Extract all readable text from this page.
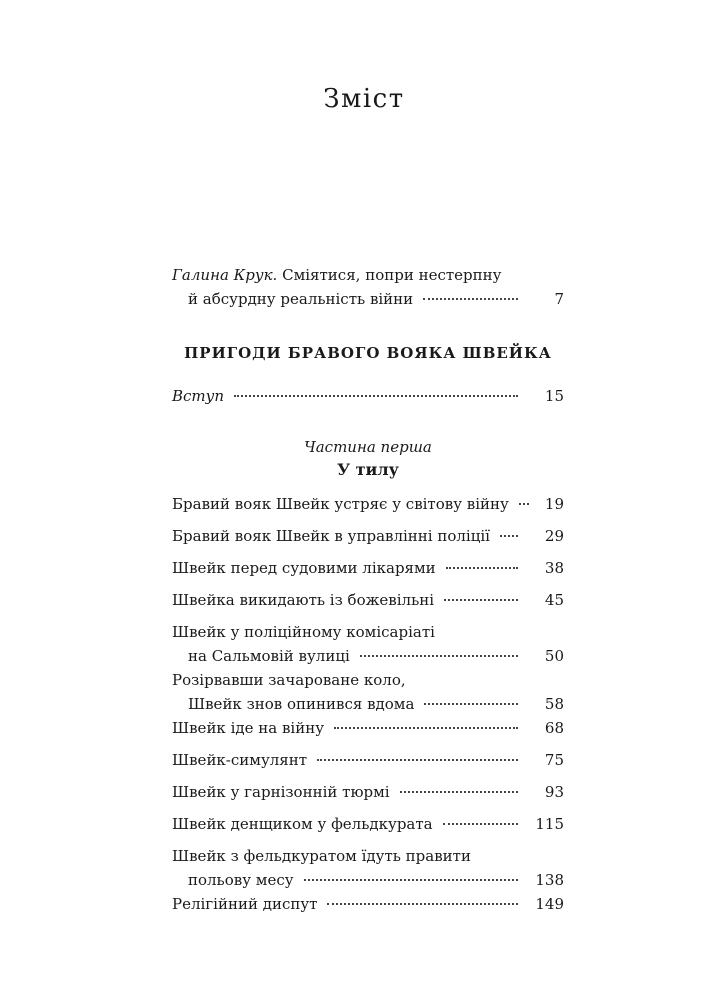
Зміст
Галина Крук. Сміятися, попри нестерпну
й абсурдну реальність війни	7
ПРИГОДИ БРАВОГО ВОЯКА ШВЕЙКА
Вступ	15
Частина перша
У тилу
Бравий вояк Швейк устряє у світову війну	19
Бравий вояк Швейк в управлінні поліції	29
Швейк перед судовими лікарями	38
Швейка викидають із божевільні	45
Швейк у поліційному комісаріаті
на Сальмовій вулиці	50
Розірвавши зачароване коло,
Швейк знов опинився вдома	58
Швейк іде на війну	68
Швейк-симулянт	75
Швейк у гарнізонній тюрмі	93
Швейк денщиком у фельдкурата	115
Швейк з фельдкуратом їдуть правити
польову месу	138
Релігійний диспут	149
